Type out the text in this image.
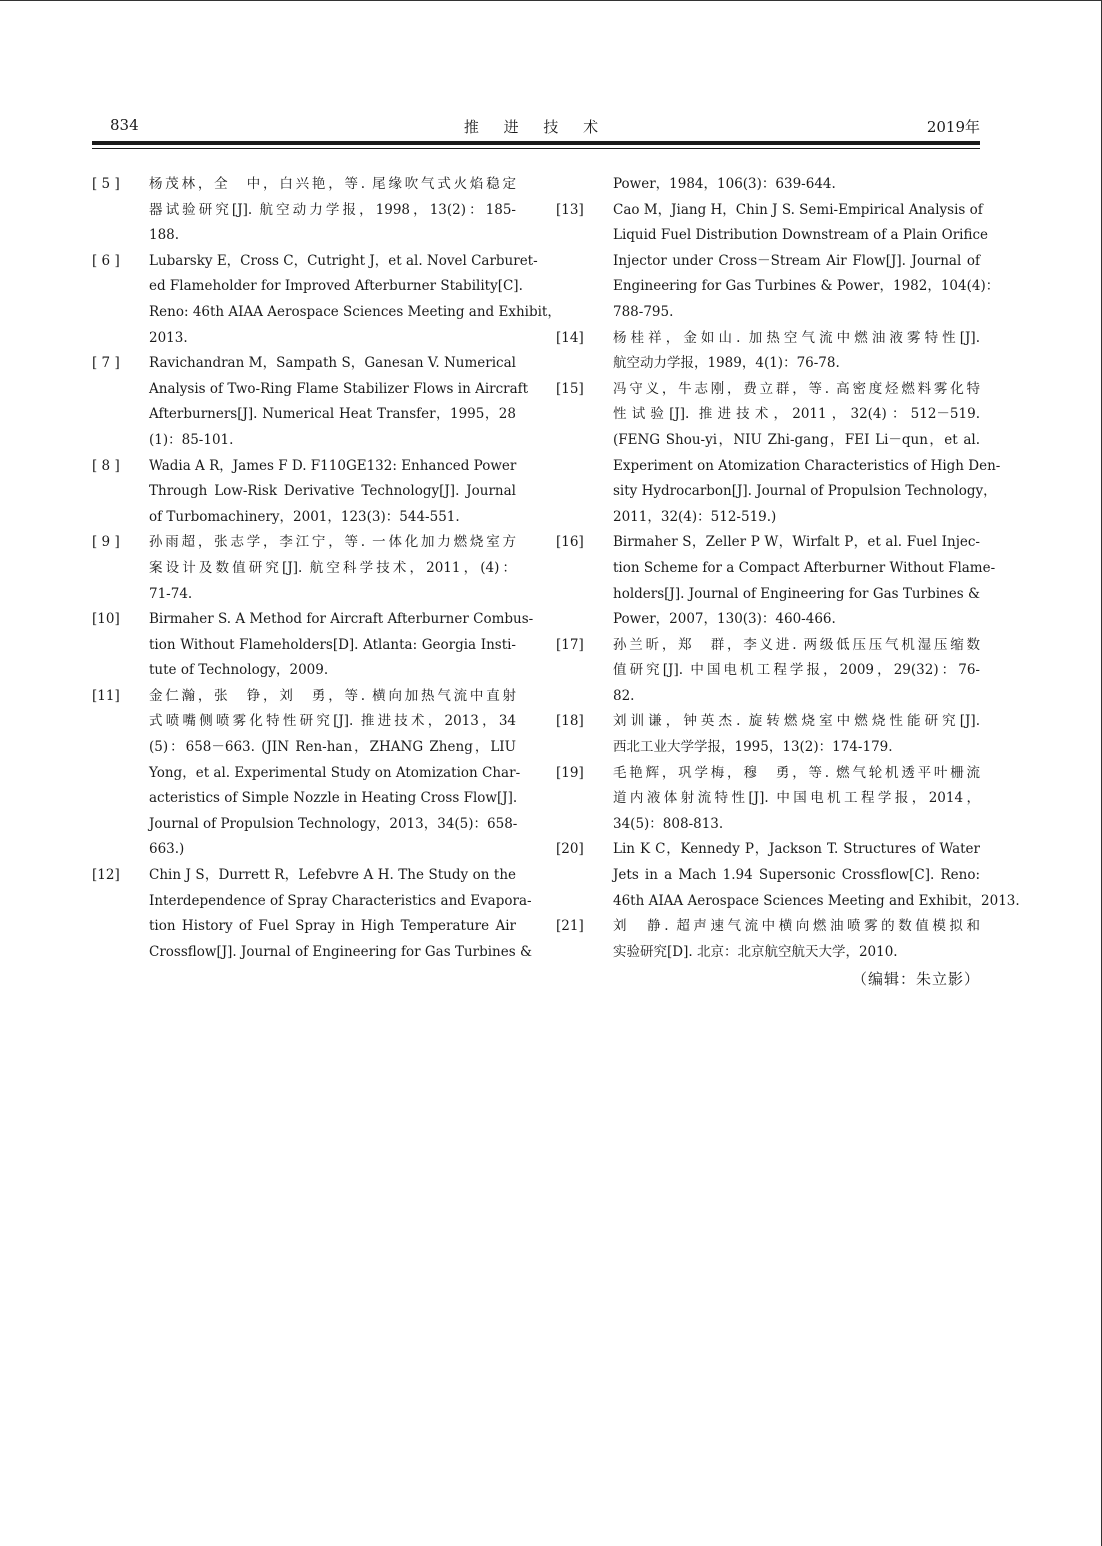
834	推 进 技 术	2019年
[ 5 ]	杨茂林，全　中，白兴艳，等. 尾缘吹气式火焰稳定
器试验研究[J]. 航空动力学报，1998，13(2)：185-
188.
[ 6 ]	Lubarsky E，Cross C，Cutright J，et al. Novel Carburet-
ed Flameholder for Improved Afterburner Stability[C].
Reno: 46th AIAA Aerospace Sciences Meeting and Exhibit，
2013.
[ 7 ]	Ravichandran M，Sampath S，Ganesan V. Numerical
Analysis of Two-Ring Flame Stabilizer Flows in Aircraft
Afterburners[J]. Numerical Heat Transfer，1995，28
(1)：85-101.
[ 8 ]	Wadia A R，James F D. F110GE132: Enhanced Power
Through Low-Risk Derivative Technology[J]. Journal
of Turbomachinery，2001，123(3)：544-551.
[ 9 ]	孙雨超，张志学，李江宁，等. 一体化加力燃烧室方
案设计及数值研究[J]. 航空科学技术，2011，(4)：
71-74.
[10]	Birmaher S. A Method for Aircraft Afterburner Combus-
tion Without Flameholders[D]. Atlanta: Georgia Insti-
tute of Technology，2009.
[11]	金仁瀚，张　铮，刘　勇，等. 横向加热气流中直射
式喷嘴侧喷雾化特性研究[J]. 推进技术，2013，34
(5)：658－663. (JIN Ren-han，ZHANG Zheng，LIU
Yong，et al. Experimental Study on Atomization Char-
acteristics of Simple Nozzle in Heating Cross Flow[J].
Journal of Propulsion Technology，2013，34(5)：658-
663.)
[12]	Chin J S，Durrett R，Lefebvre A H. The Study on the
Interdependence of Spray Characteristics and Evapora-
tion History of Fuel Spray in High Temperature Air
Crossflow[J]. Journal of Engineering for Gas Turbines &
Power，1984，106(3)：639-644.
[13]	Cao M，Jiang H，Chin J S. Semi-Empirical Analysis of
Liquid Fuel Distribution Downstream of a Plain Orifice
Injector under Cross－Stream Air Flow[J]. Journal of
Engineering for Gas Turbines & Power，1982，104(4)：
788-795.
[14]	杨桂祥，金如山. 加热空气流中燃油液雾特性[J].
航空动力学报，1989，4(1)：76-78.
[15]	冯守义，牛志刚，费立群，等. 高密度烃燃料雾化特
性试验[J]. 推进技术，2011，32(4)：512－519.
(FENG Shou-yi，NIU Zhi-gang，FEI Li－qun，et al.
Experiment on Atomization Characteristics of High Den-
sity Hydrocarbon[J]. Journal of Propulsion Technology，
2011，32(4)：512-519.)
[16]	Birmaher S，Zeller P W，Wirfalt P，et al. Fuel Injec-
tion Scheme for a Compact Afterburner Without Flame-
holders[J]. Journal of Engineering for Gas Turbines &
Power，2007，130(3)：460-466.
[17]	孙兰昕，郑　群，李义进. 两级低压压气机湿压缩数
值研究[J]. 中国电机工程学报，2009，29(32)：76-
82.
[18]	刘训谦，钟英杰. 旋转燃烧室中燃烧性能研究[J].
西北工业大学学报，1995，13(2)：174-179.
[19]	毛艳辉，巩学梅，穆　勇，等. 燃气轮机透平叶栅流
道内液体射流特性[J]. 中国电机工程学报，2014，
34(5)：808-813.
[20]	Lin K C，Kennedy P，Jackson T. Structures of Water
Jets in a Mach 1.94 Supersonic Crossflow[C]. Reno:
46th AIAA Aerospace Sciences Meeting and Exhibit，2013.
[21]	刘　静. 超声速气流中横向燃油喷雾的数值模拟和
实验研究[D]. 北京：北京航空航天大学，2010.
（编辑：朱立影）
